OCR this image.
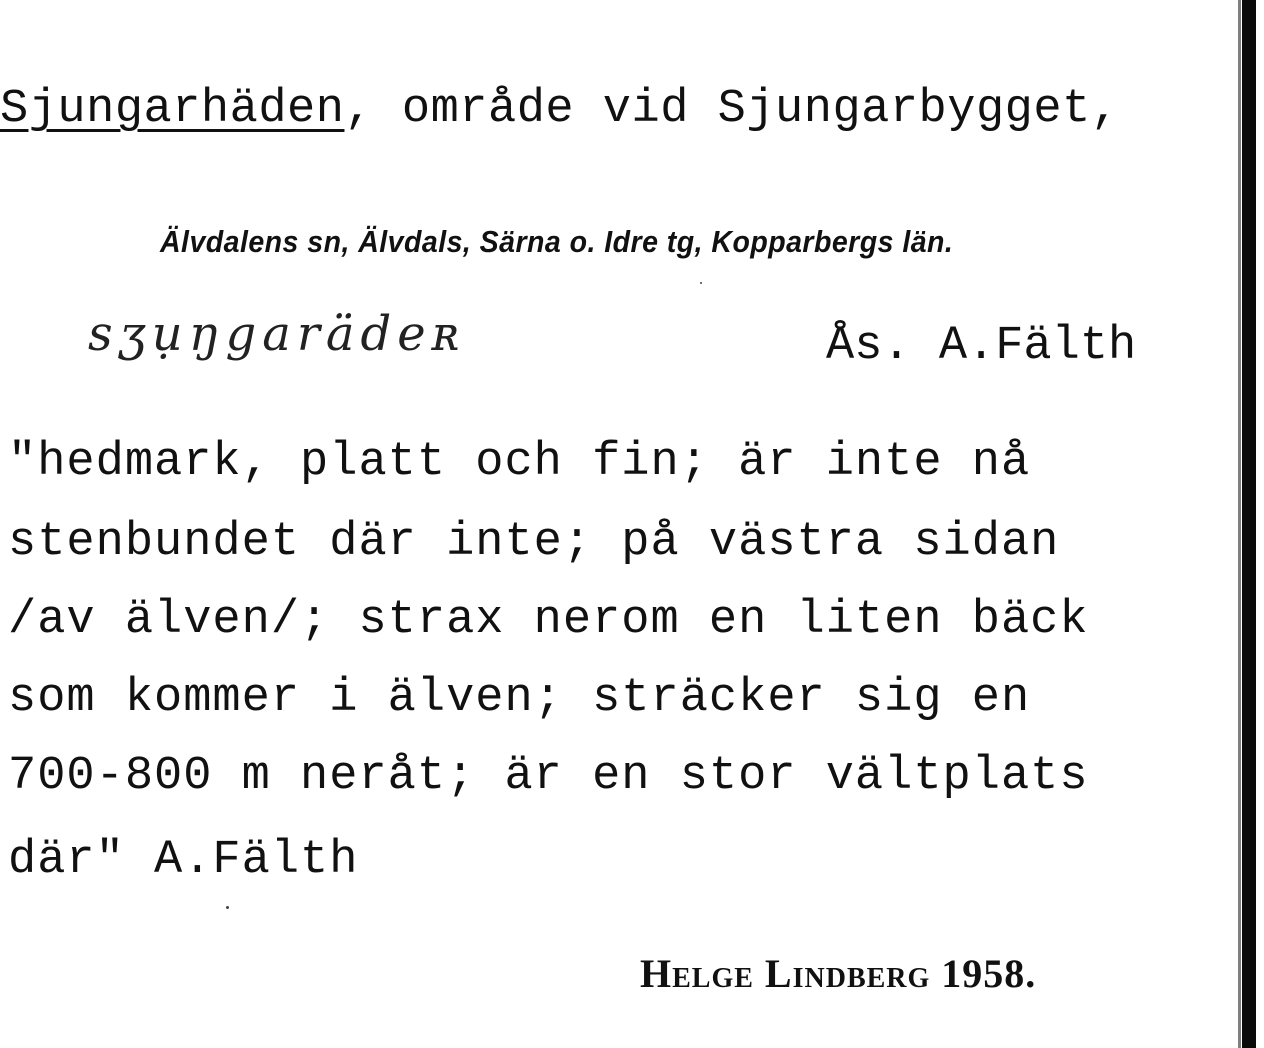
Sjungarhäden, område vid Sjungarbygget,
Älvdalens sn, Älvdals, Särna o. Idre tg, Kopparbergs län.
sʒụŋgarädeʀ	Ås. A.Fälth
"hedmark, platt och fin; är inte nå
stenbundet där inte; på västra sidan
/av älven/; strax nerom en liten bäck
som kommer i älven; sträcker sig en
700-800 m neråt; är en stor vältplats
där" A.Fälth
Helge Lindberg 1958.
